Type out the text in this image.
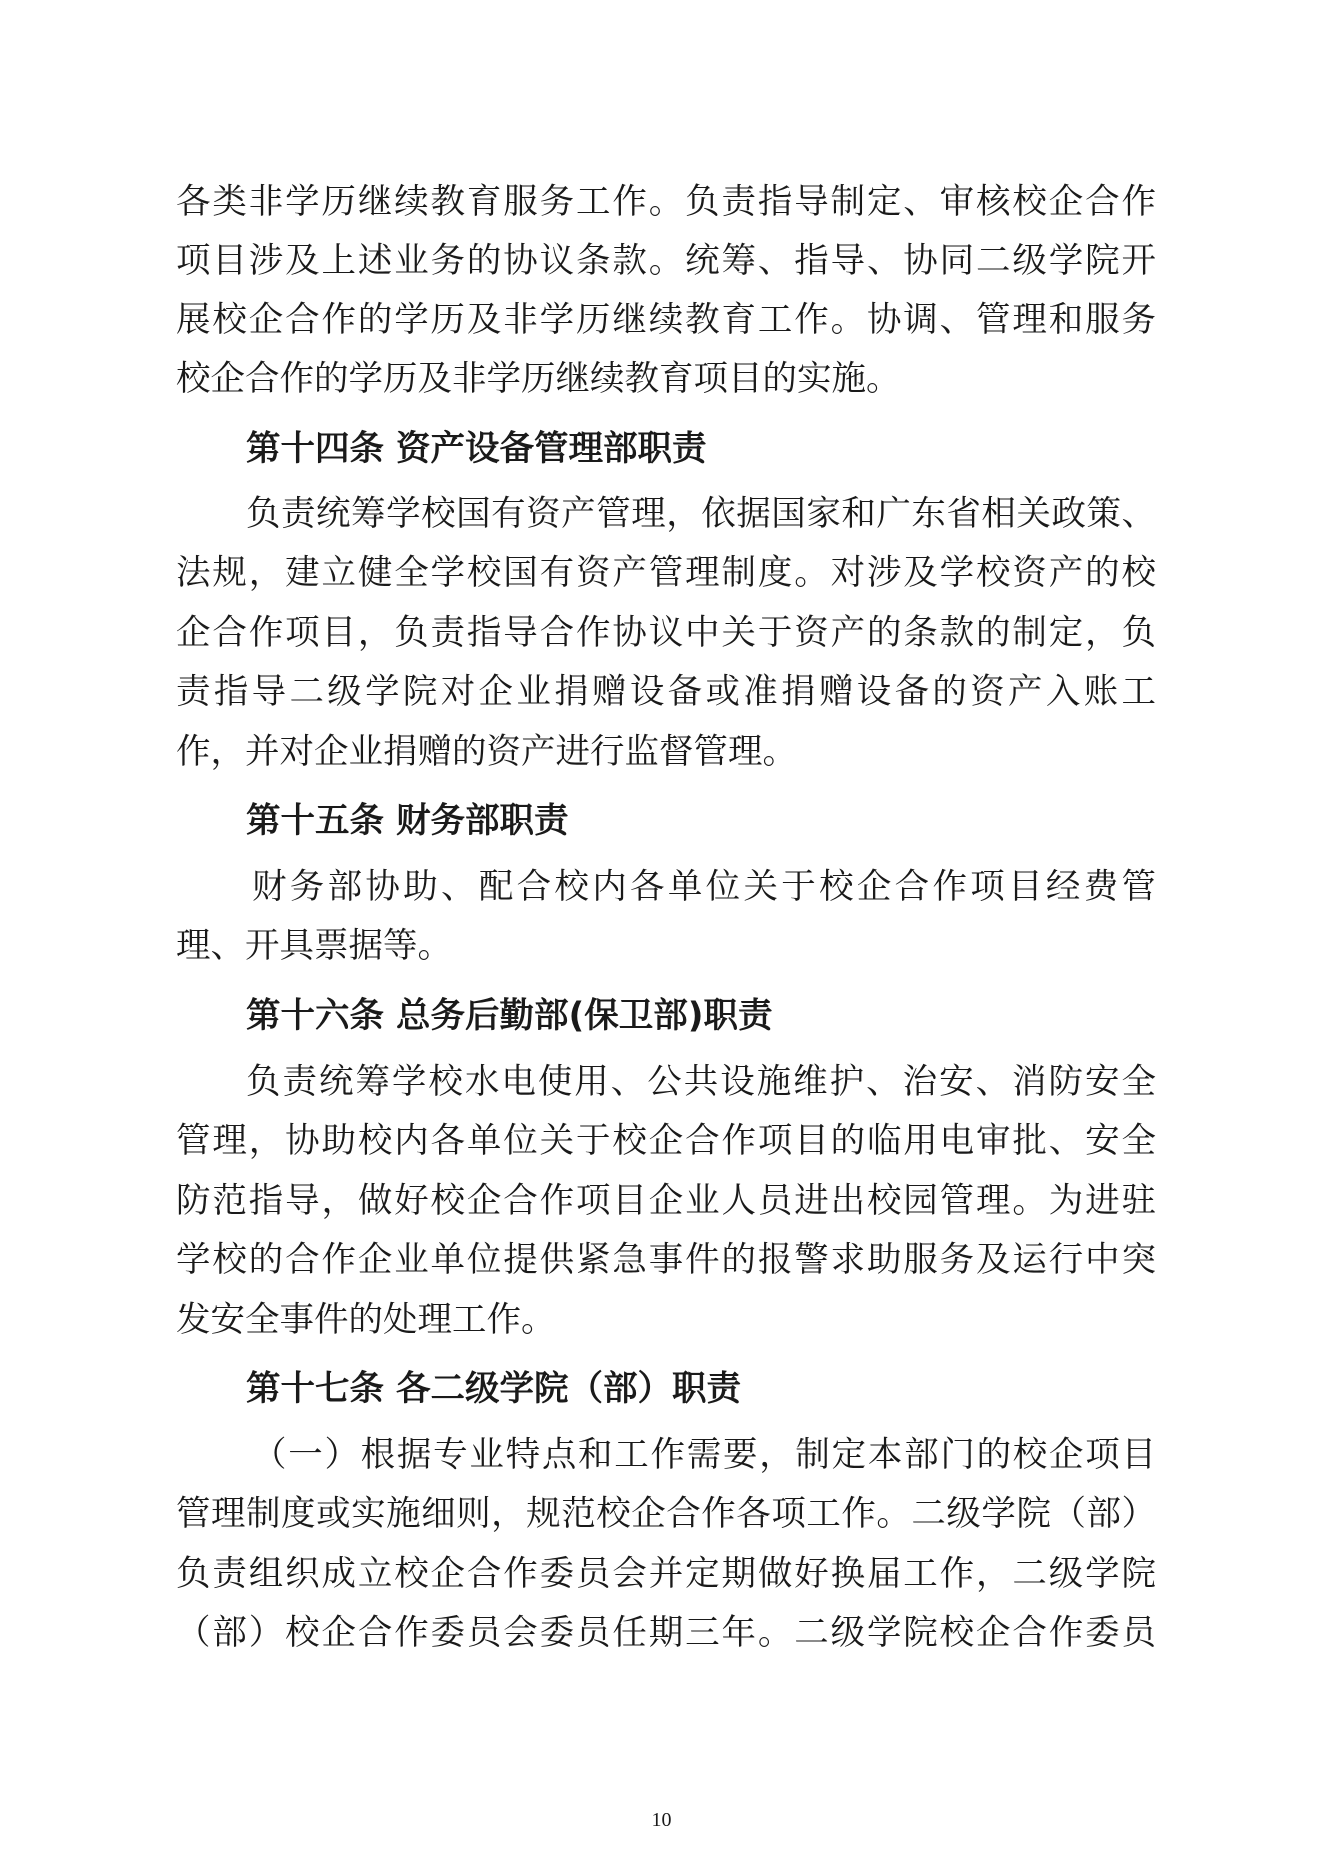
各类非学历继续教育服务工作。负责指导制定、审核校企合作
项目涉及上述业务的协议条款。统筹、指导、协同二级学院开
展校企合作的学历及非学历继续教育工作。协调、管理和服务
校企合作的学历及非学历继续教育项目的实施。
第十四条 资产设备管理部职责
负责统筹学校国有资产管理，依据国家和广东省相关政策、
法规，建立健全学校国有资产管理制度。对涉及学校资产的校
企合作项目，负责指导合作协议中关于资产的条款的制定，负
责指导二级学院对企业捐赠设备或准捐赠设备的资产入账工
作，并对企业捐赠的资产进行监督管理。
第十五条 财务部职责
财务部协助、配合校内各单位关于校企合作项目经费管
理、开具票据等。
第十六条 总务后勤部(保卫部)职责
负责统筹学校水电使用、公共设施维护、治安、消防安全
管理，协助校内各单位关于校企合作项目的临用电审批、安全
防范指导，做好校企合作项目企业人员进出校园管理。为进驻
学校的合作企业单位提供紧急事件的报警求助服务及运行中突
发安全事件的处理工作。
第十七条 各二级学院（部）职责
（一）根据专业特点和工作需要，制定本部门的校企项目
管理制度或实施细则，规范校企合作各项工作。二级学院（部）
负责组织成立校企合作委员会并定期做好换届工作，二级学院
（部）校企合作委员会委员任期三年。二级学院校企合作委员
10
